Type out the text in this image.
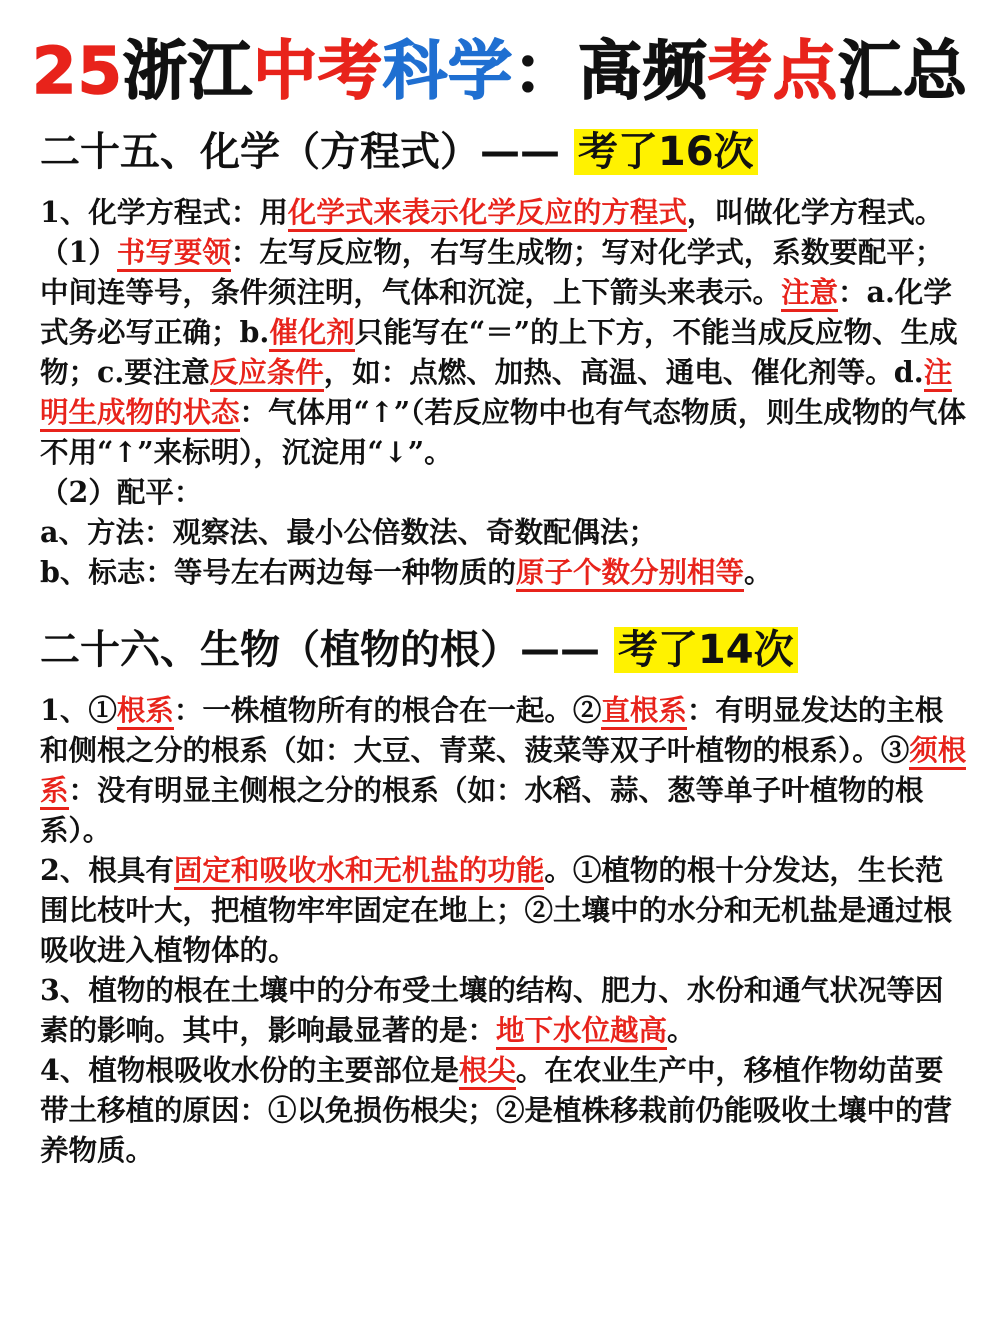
25浙江中考科学：高频考点汇总
二十五、化学（方程式）—— 考了16次

1、化学方程式：用化学式来表示化学反应的方程式，叫做化学方程式。

（1）书写要领：左写反应物，右写生成物；写对化学式，系数要配平；中间连等号，条件须注明，气体和沉淀，上下箭头来表示。注意：a.化学式务必写正确；b.催化剂只能写在“＝”的上下方，不能当成反应物、生成物；c.要注意反应条件，如：点燃、加热、高温、通电、催化剂等。d.注明生成物的状态：气体用“↑”（若反应物中也有气态物质，则生成物的气体不用“↑”来标明），沉淀用“↓”。

（2）配平：

a、方法：观察法、最小公倍数法、奇数配偶法；

b、标志：等号左右两边每一种物质的原子个数分别相等。

二十六、生物（植物的根）—— 考了14次

1、①根系：一株植物所有的根合在一起。②直根系：有明显发达的主根和侧根之分的根系（如：大豆、青菜、菠菜等双子叶植物的根系）。③须根系：没有明显主侧根之分的根系（如：水稻、蒜、葱等单子叶植物的根系）。

2、根具有固定和吸收水和无机盐的功能。①植物的根十分发达，生长范围比枝叶大，把植物牢牢固定在地上；②土壤中的水分和无机盐是通过根吸收进入植物体的。

3、植物的根在土壤中的分布受土壤的结构、肥力、水份和通气状况等因素的影响。其中，影响最显著的是：地下水位越高。

4、植物根吸收水份的主要部位是根尖。在农业生产中，移植作物幼苗要带土移植的原因：①以免损伤根尖；②是植株移栽前仍能吸收土壤中的营养物质。
